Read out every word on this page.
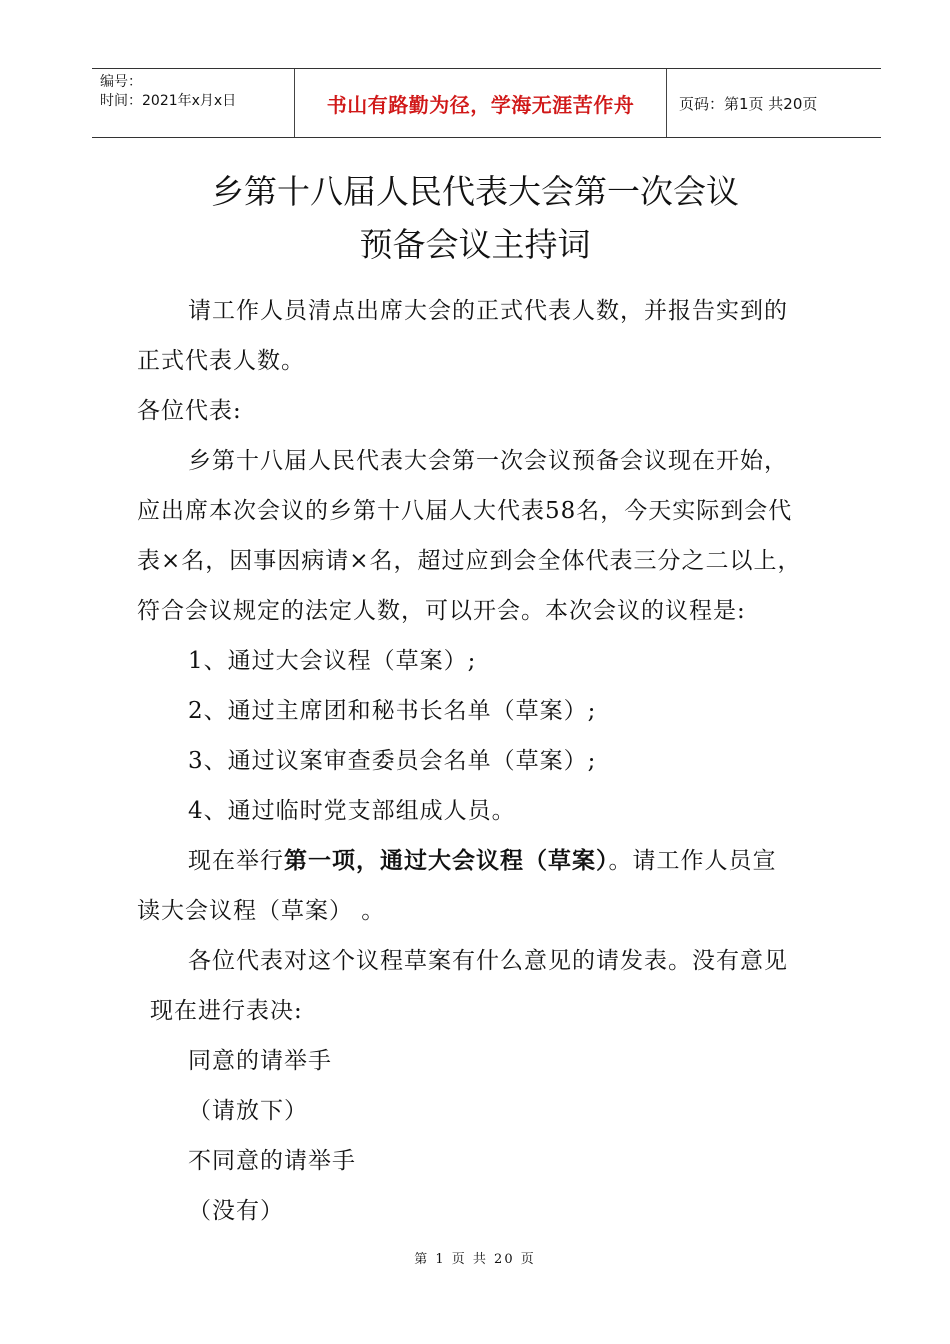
编号：
时间：2021年x月x日	书山有路勤为径，学海无涯苦作舟	页码：第1页 共20页
乡第十八届人民代表大会第一次会议
预备会议主持词
请工作人员清点出席大会的正式代表人数，并报告实到的
正式代表人数。
各位代表:
乡第十八届人民代表大会第一次会议预备会议现在开始，
应出席本次会议的乡第十八届人大代表58名，今天实际到会代
表×名，因事因病请×名，超过应到会全体代表三分之二以上，
符合会议规定的法定人数，可以开会。本次会议的议程是:
1、通过大会议程（草案）;
2、通过主席团和秘书长名单（草案）;
3、通过议案审查委员会名单（草案）;
4、通过临时党支部组成人员。
现在举行第一项，通过大会议程（草案）。请工作人员宣
读大会议程（草案） 。
各位代表对这个议程草案有什么意见的请发表。没有意见
现在进行表决:
同意的请举手
（请放下）
不同意的请举手
（没有）
第 1 页 共 20 页
